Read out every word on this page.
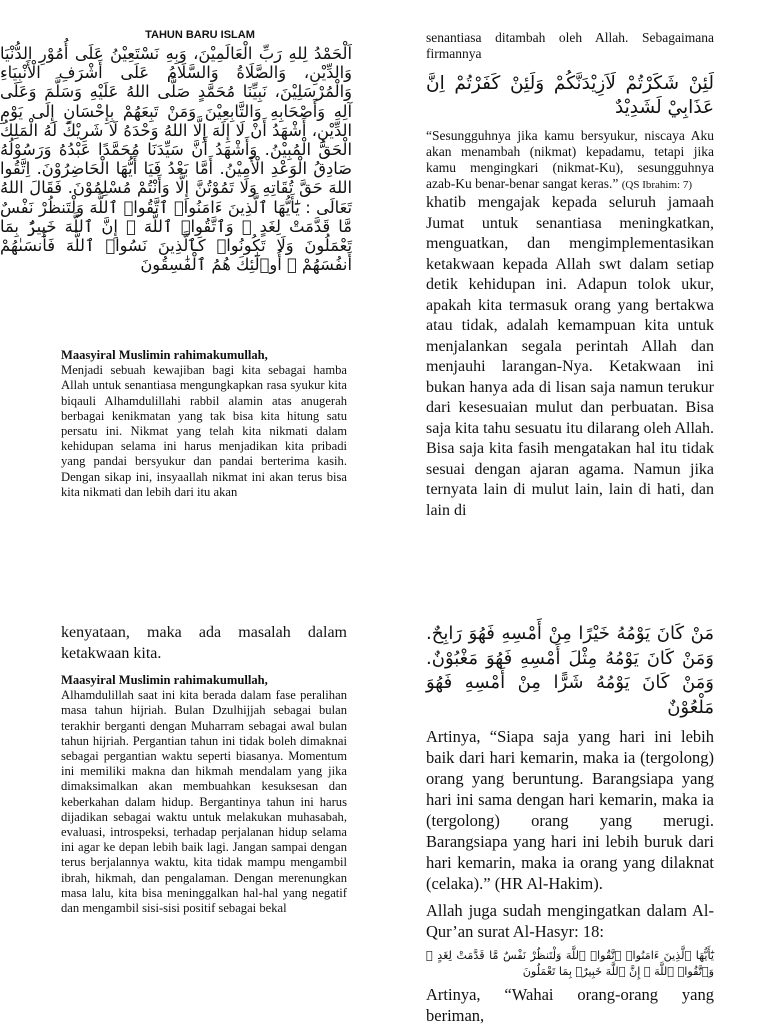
TAHUN BARU ISLAM
اَلْحَمْدُ لِلهِ رَبِّ الْعَالَمِيْنَ، وَبِهِ نَسْتَعِيْنُ عَلَى أُمُوْرِ الدُّنْيَا وَالدِّيْنِ، وَالصَّلَاةُ وَالسَّلَامُ عَلَى أَشْرَفِ الْأَنْبِيَاءِ وَالْمُرْسَلِيْنَ، نَبِيِّنَا مُحَمَّدٍ صَلَّى اللهُ عَلَيْهِ وَسَلَّمَ وَعَلَى آلِهِ وَأَصْحَابِهِ وَالتَّابِعِيْنَ وَمَنْ تَبِعَهُمْ بِإِحْسَانٍ إِلَى يَوْمِ الدِّيْنِ، أَشْهَدُ أَنْ لَا إِلَهَ إِلَّا اللهُ وَحْدَهُ لَا شَرِيْكَ لَهُ الْمَلِكُ الْحَقُّ الْمُبِيْنُ. وَأَشْهَدُ أَنَّ سَيِّدَنَا مُحَمَّدًا عَبْدُهُ وَرَسُوْلُهُ صَادِقُ الْوَعْدِ الْأَمِيْنُ. أَمَّا بَعْدُ فَيَا أَيُّهَا الْحَاضِرُوْنَ. اِتَّقُوا اللهَ حَقَّ تُقَاتِهِ وَلَا تَمُوْتُنَّ إِلَّا وَأَنْتُمْ مُسْلِمُوْنَ. فَقَالَ اللهُ تَعَالَى : يَٰٓأَيُّهَا ٱلَّذِينَ ءَامَنُوا۟ ٱتَّقُوا۟ ٱللَّهَ وَلْتَنظُرْ نَفْسٌ مَّا قَدَّمَتْ لِغَدٍ ۖ وَٱتَّقُوا۟ ٱللَّهَ ۚ إِنَّ ٱللَّهَ خَبِيرٌۢ بِمَا تَعْمَلُونَ وَلَا تَكُونُوا۟ كَٱلَّذِينَ نَسُوا۟ ٱللَّهَ فَأَنسَىٰهُمْ أَنفُسَهُمْ ۚ أُو۟لَٰٓئِكَ هُمُ ٱلْفَٰسِقُونَ

Maasyiral Muslimin rahimakumullah,

Menjadi sebuah kewajiban bagi kita sebagai hamba Allah untuk senantiasa mengungkapkan rasa syukur kita biqauli Alhamdulillahi rabbil alamin atas anugerah berbagai kenikmatan yang tak bisa kita hitung satu persatu ini. Nikmat yang telah kita nikmati dalam kehidupan selama ini harus menjadikan kita pribadi yang pandai bersyukur dan pandai berterima kasih. Dengan sikap ini, insyaallah nikmat ini akan terus bisa kita nikmati dan lebih dari itu akan

senantiasa ditambah oleh Allah. Sebagaimana firmannya

لَئِنْ شَكَرْتُمْ لَاَزِيْدَنَّكُمْ وَلَئِنْ كَفَرْتُمْ اِنَّ عَذَابِيْ لَشَدِيْدٌ

“Sesungguhnya jika kamu bersyukur, niscaya Aku akan menambah (nikmat) kepadamu, tetapi jika kamu mengingkari (nikmat-Ku), sesungguhnya azab-Ku benar-benar sangat keras.” (QS Ibrahim: 7)

khatib mengajak kepada seluruh jamaah Jumat untuk senantiasa meningkatkan, menguatkan, dan mengimplementasikan ketakwaan kepada Allah swt dalam setiap detik kehidupan ini. Adapun tolok ukur, apakah kita termasuk orang yang bertakwa atau tidak, adalah kemampuan kita untuk menjalankan segala perintah Allah dan menjauhi larangan-Nya. Ketakwaan ini bukan hanya ada di lisan saja namun terukur dari kesesuaian mulut dan perbuatan. Bisa saja kita tahu sesuatu itu dilarang oleh Allah. Bisa saja kita fasih mengatakan hal itu tidak sesuai dengan ajaran agama. Namun jika ternyata lain di mulut lain, lain di hati, dan lain di

kenyataan, maka ada masalah dalam ketakwaan kita.

Maasyiral Muslimin rahimakumullah,

Alhamdulillah saat ini kita berada dalam fase peralihan masa tahun hijriah. Bulan Dzulhijjah sebagai bulan terakhir berganti dengan Muharram sebagai awal bulan tahun hijriah. Pergantian tahun ini tidak boleh dimaknai sebagai pergantian waktu seperti biasanya. Momentum ini memiliki makna dan hikmah mendalam yang jika dimaksimalkan akan membuahkan kesuksesan dan keberkahan dalam hidup. Bergantinya tahun ini harus dijadikan sebagai waktu untuk melakukan muhasabah, evaluasi, introspeksi, terhadap perjalanan hidup selama ini agar ke depan lebih baik lagi. Jangan sampai dengan terus berjalannya waktu, kita tidak mampu mengambil ibrah, hikmah, dan pengalaman. Dengan merenungkan masa lalu, kita bisa meninggalkan hal-hal yang negatif dan mengambil sisi-sisi positif sebagai bekal

مَنْ كَانَ يَوْمُهُ خَيْرًا مِنْ أَمْسِهِ فَهُوَ رَابِحٌ. وَمَنْ كَانَ يَوْمُهُ مِثْلَ أَمْسِهِ فَهُوَ مَغْبُوْنٌ. وَمَنْ كَانَ يَوْمُهُ شَرًّا مِنْ أَمْسِهِ فَهُوَ مَلْعُوْنٌ

Artinya, “Siapa saja yang hari ini lebih baik dari hari kemarin, maka ia (tergolong) orang yang beruntung. Barangsiapa yang hari ini sama dengan hari kemarin, maka ia (tergolong) orang yang merugi. Barangsiapa yang hari ini lebih buruk dari hari kemarin, maka ia orang yang dilaknat (celaka).” (HR Al-Hakim).

Allah juga sudah mengingatkan dalam Al-Qur’an surat Al-Hasyr: 18:

يَٰٓأَيُّهَا ٱلَّذِينَ ءَامَنُوا۟ ٱتَّقُوا۟ ٱللَّهَ وَلْتَنظُرْ نَفْسٌ مَّا قَدَّمَتْ لِغَدٍ ۖ وَٱتَّقُوا۟ ٱللَّهَ ۚ إِنَّ ٱللَّهَ خَبِيرٌۢ بِمَا تَعْمَلُونَ

Artinya, “Wahai orang-orang yang beriman,
